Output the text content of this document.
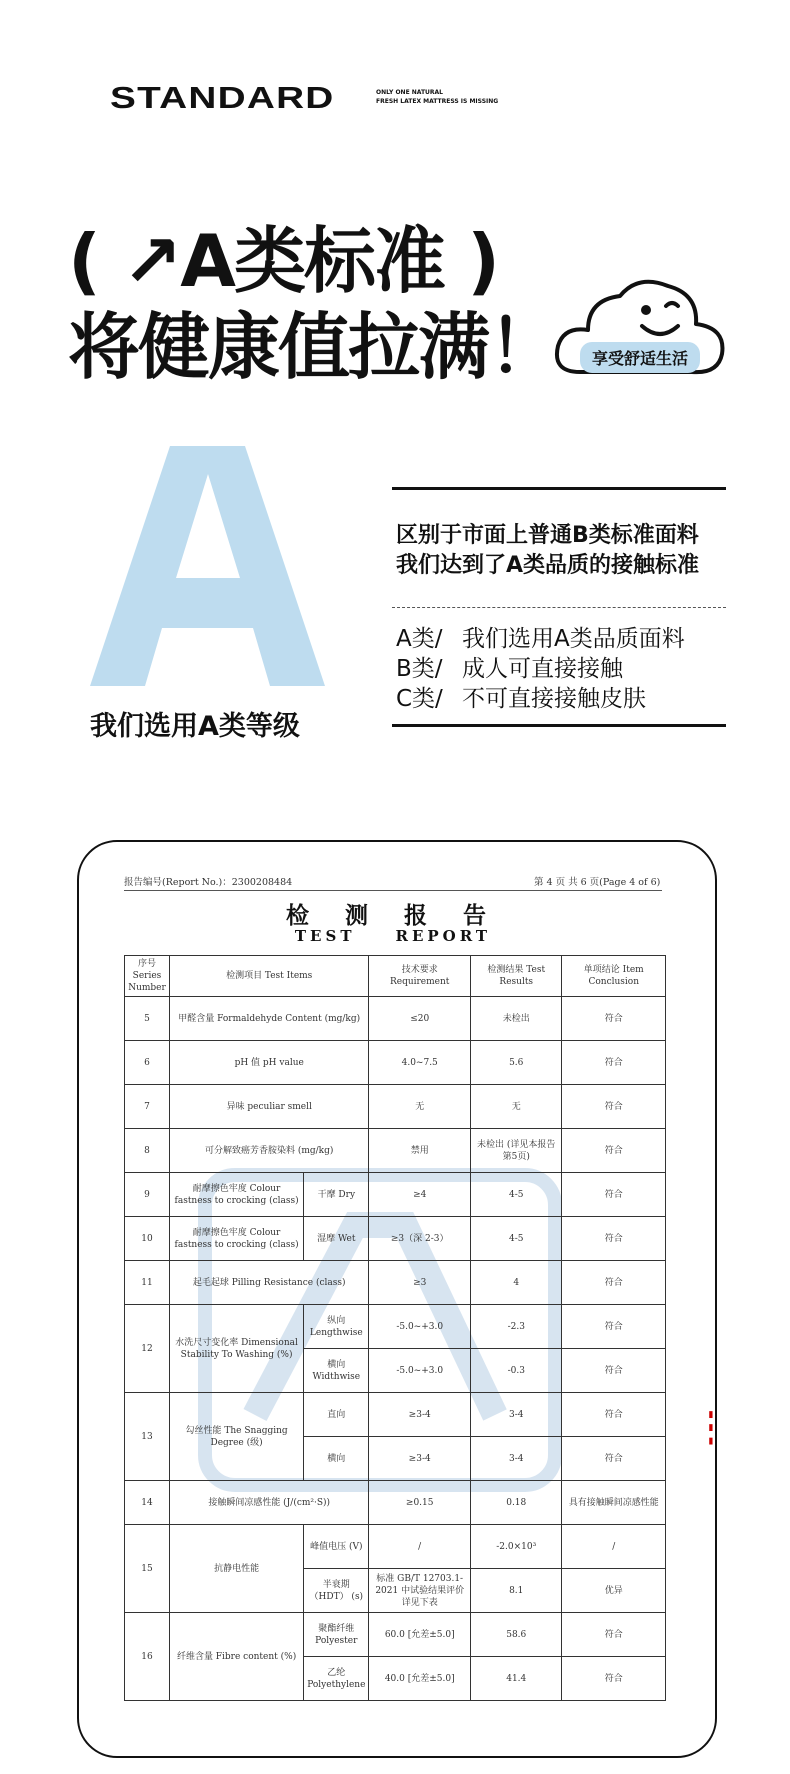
STANDARD	ONLY ONE NATURAL
FRESH LATEX MATTRESS IS MISSING
( ↗A类标准 )
将健康值拉满！	享受舒适生活
我们选用A类等级
区别于市面上普通B类标准面料
我们达到了A类品质的接触标准
A类/ 我们选用A类品质面料
B类/ 成人可直接接触
C类/ 不可直接接触皮肤
报告编号(Report No.)：2300208484	第 4 页 共 6 页(Page 4 of 6)
检 测 报 告
TEST	REPORT
序号 Series Number	检测项目 Test Items		技术要求 Requirement	检测结果 Test Results	单项结论 Item Conclusion
5	甲醛含量 Formaldehyde Content (mg/kg)		≤20	未检出	符合
6	pH 值 pH value		4.0~7.5	5.6	符合
7	异味 peculiar smell		无	无	符合
8	可分解致癌芳香胺染料 (mg/kg)		禁用	未检出 (详见本报告第5页)	符合
9	耐摩擦色牢度 Colour fastness to crocking (class)	干摩 Dry	≥4	4-5	符合
10	耐摩擦色牢度 Colour fastness to crocking (class)	湿摩 Wet	≥3（深 2-3）	4-5	符合
11	起毛起球 Pilling Resistance (class)		≥3	4	符合
12	水洗尺寸变化率 Dimensional Stability To Washing (%)	纵向 Lengthwise	-5.0~+3.0	-2.3	符合
		横向 Widthwise	-5.0~+3.0	-0.3	符合
13	勾丝性能 The Snagging Degree (级)	直向	≥3-4	3-4	符合
		横向	≥3-4	3-4	符合
14	接触瞬间凉感性能 (J/(cm²·S))		≥0.15	0.18	具有接触瞬间凉感性能
15	抗静电性能	峰值电压 (V)	/	-2.0×10³	/
		半衰期 （HDT） (s)	标准 GB/T 12703.1-2021 中试验结果评价详见下表	8.1	优异
16	纤维含量 Fibre content (%)	聚酯纤维 Polyester	60.0 [允差±5.0]	58.6	符合
		乙纶 Polyethylene	40.0 [允差±5.0]	41.4	符合
▮ ▮ ▮
